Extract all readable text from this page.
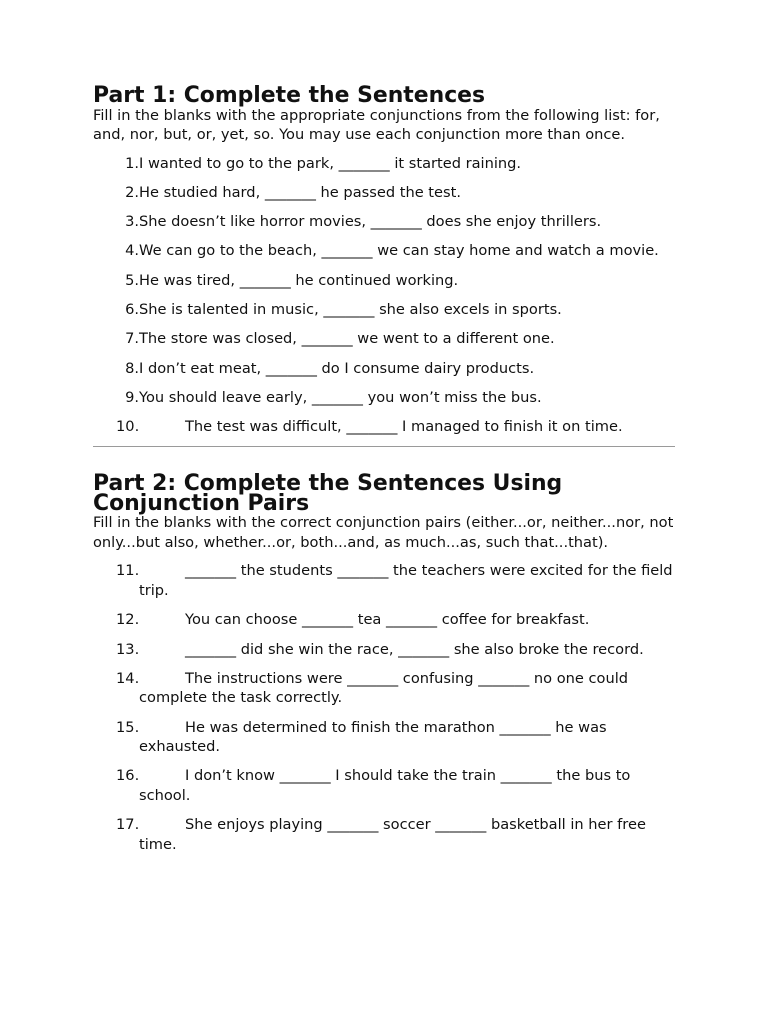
Part 1: Complete the Sentences

Fill in the blanks with the appropriate conjunctions from the following list: for, and, nor, but, or, yet, so. You may use each conjunction more than once.

1. I wanted to go to the park, _______ it started raining.
2. He studied hard, _______ he passed the test.
3. She doesn’t like horror movies, _______ does she enjoy thrillers.
4. We can go to the beach, _______ we can stay home and watch a movie.
5. He was tired, _______ he continued working.
6. She is talented in music, _______ she also excels in sports.
7. The store was closed, _______ we went to a different one.
8. I don’t eat meat, _______ do I consume dairy products.
9. You should leave early, _______ you won’t miss the bus.
10.	The test was difficult, _______ I managed to finish it on time.
Part 2: Complete the Sentences Using Conjunction Pairs

Fill in the blanks with the correct conjunction pairs (either...or, neither...nor, not only...but also, whether...or, both...and, as much...as, such that...that).

11.	_______ the students _______ the teachers were excited for the field trip.
12.	You can choose _______ tea _______ coffee for breakfast.
13.	_______ did she win the race, _______ she also broke the record.
14.	The instructions were _______ confusing _______ no one could complete the task correctly.
15.	He was determined to finish the marathon _______ he was exhausted.
16.	I don’t know _______ I should take the train _______ the bus to school.
17.	She enjoys playing _______ soccer _______ basketball in her free time.
